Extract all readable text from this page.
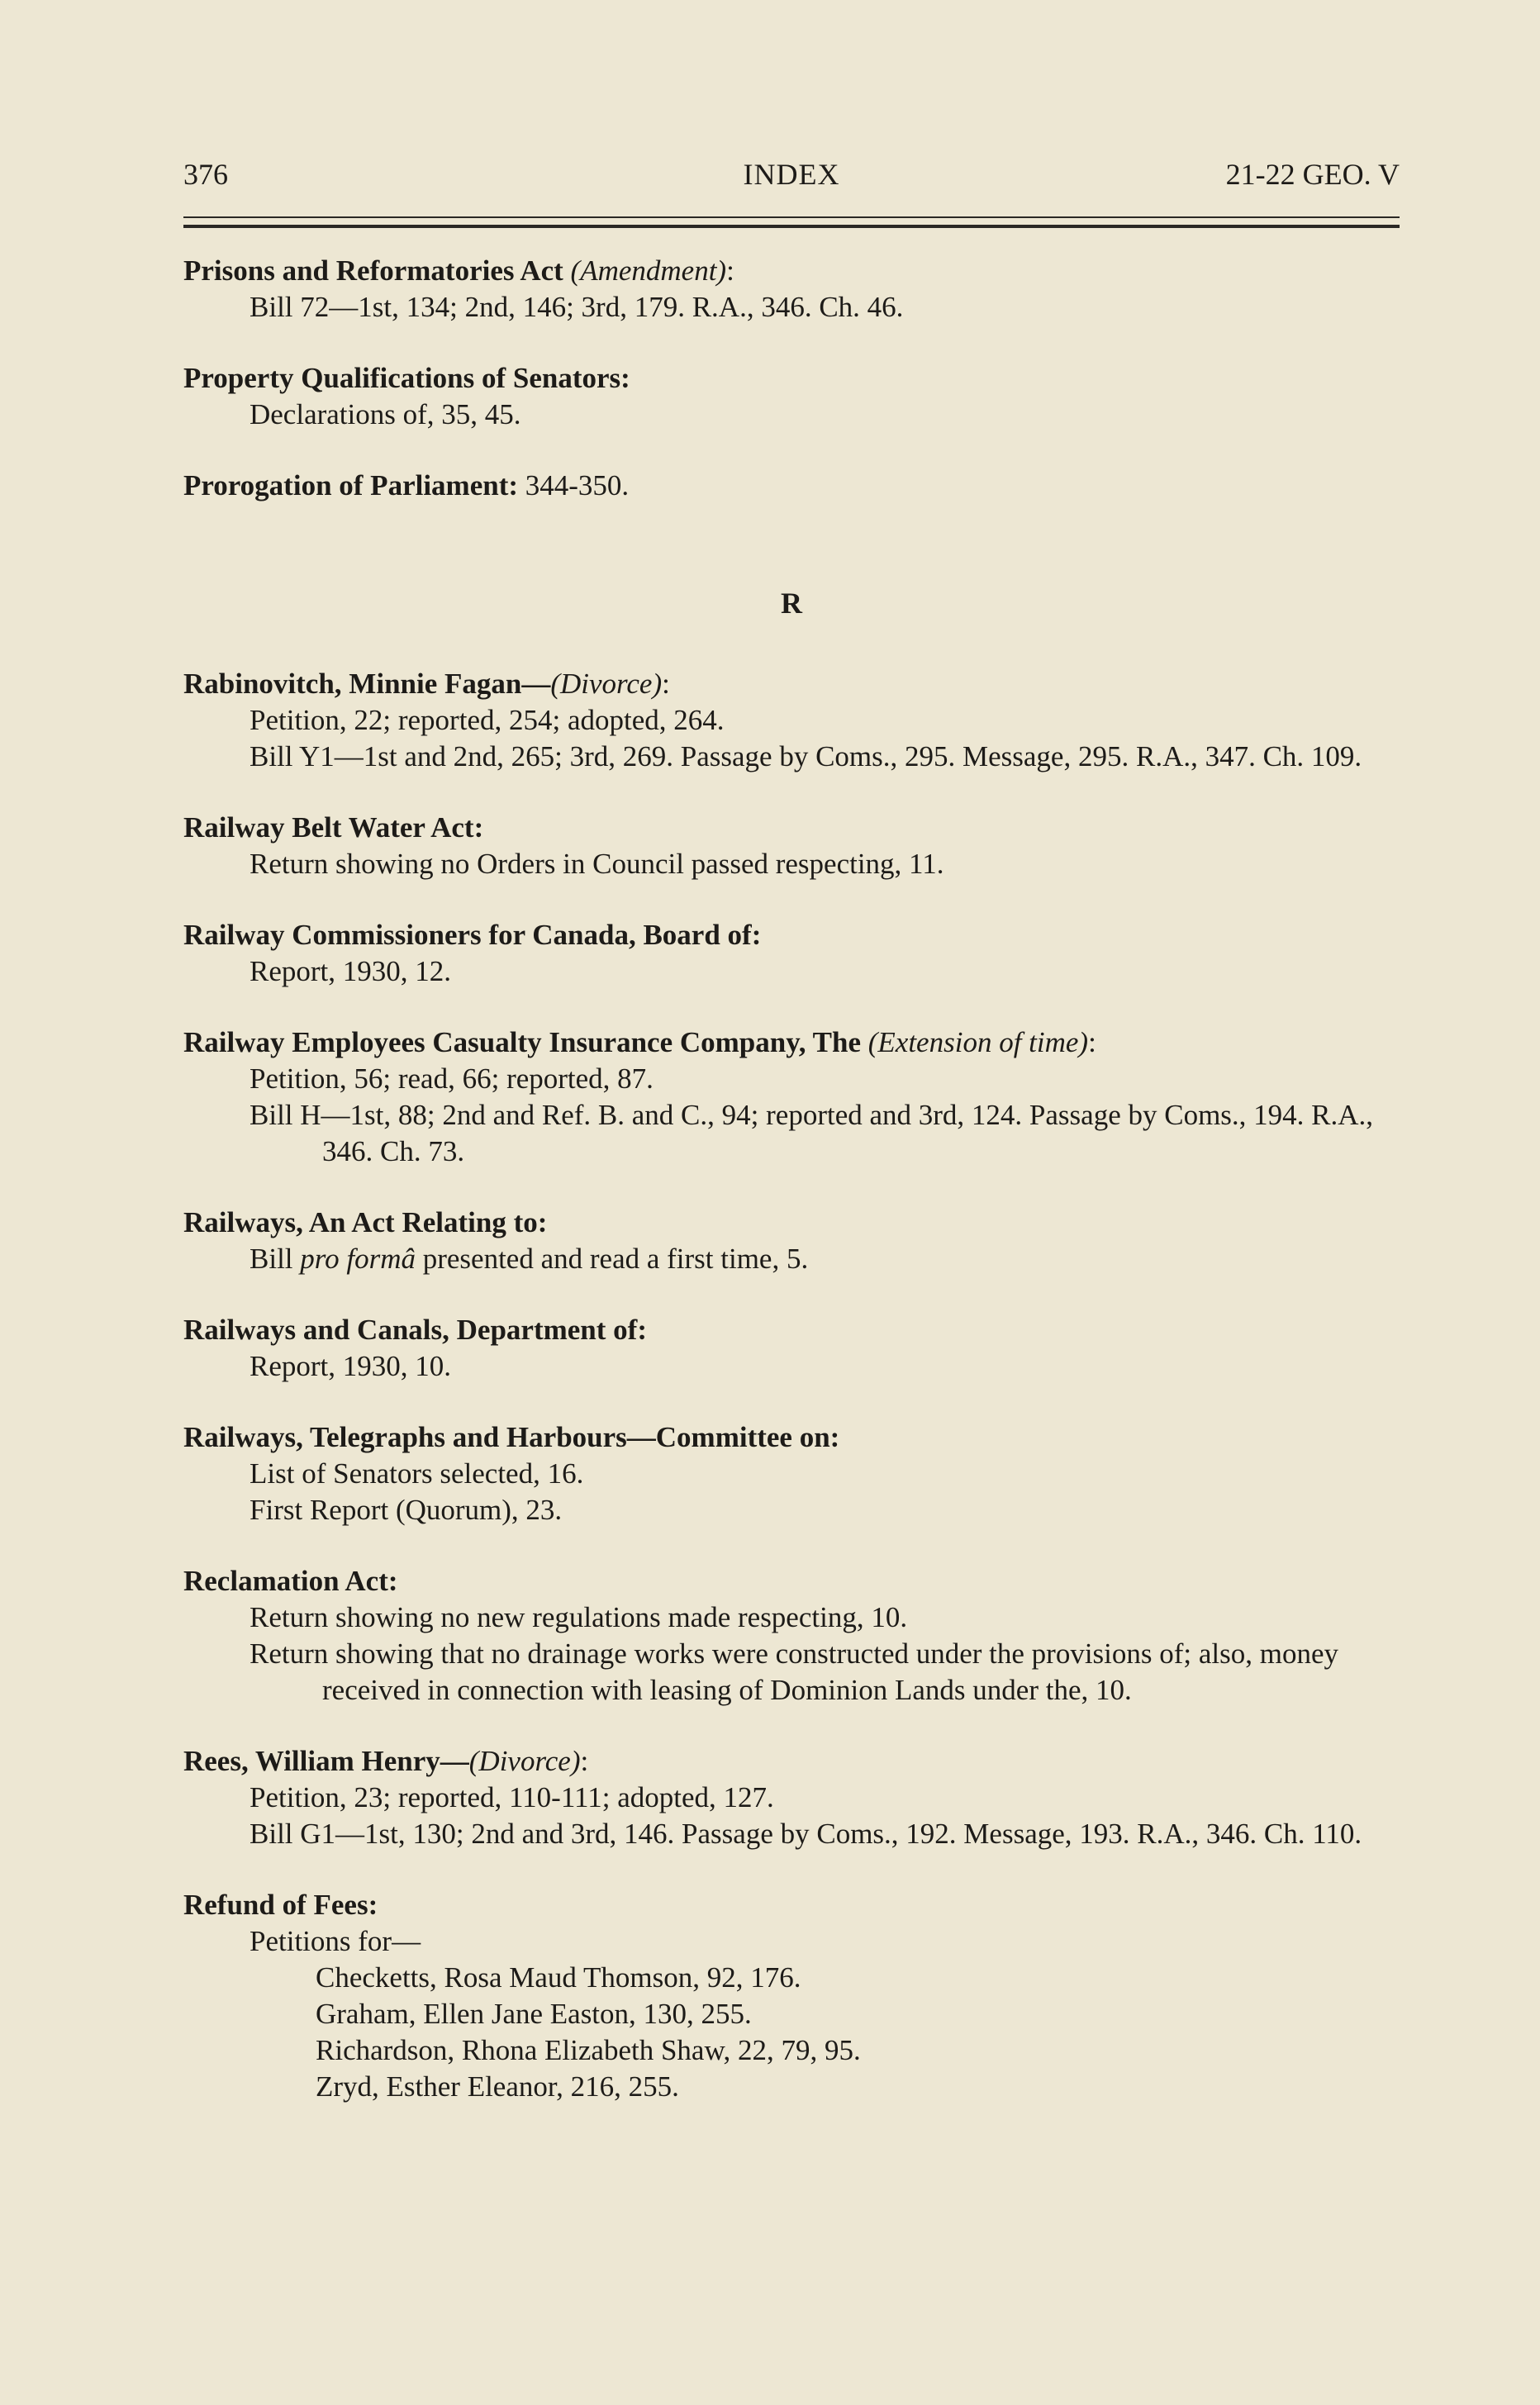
376	INDEX	21-22 GEO. V
Prisons and Reformatories Act (Amendment):
Bill 72—1st, 134; 2nd, 146; 3rd, 179. R.A., 346. Ch. 46.
Property Qualifications of Senators:
Declarations of, 35, 45.
Prorogation of Parliament: 344-350.
R
Rabinovitch, Minnie Fagan—(Divorce):
Petition, 22; reported, 254; adopted, 264.
Bill Y1—1st and 2nd, 265; 3rd, 269. Passage by Coms., 295. Message, 295. R.A., 347. Ch. 109.
Railway Belt Water Act:
Return showing no Orders in Council passed respecting, 11.
Railway Commissioners for Canada, Board of:
Report, 1930, 12.
Railway Employees Casualty Insurance Company, The (Extension of time):
Petition, 56; read, 66; reported, 87.
Bill H—1st, 88; 2nd and Ref. B. and C., 94; reported and 3rd, 124. Passage by Coms., 194. R.A., 346. Ch. 73.
Railways, An Act Relating to:
Bill pro formâ presented and read a first time, 5.
Railways and Canals, Department of:
Report, 1930, 10.
Railways, Telegraphs and Harbours—Committee on:
List of Senators selected, 16.
First Report (Quorum), 23.
Reclamation Act:
Return showing no new regulations made respecting, 10.
Return showing that no drainage works were constructed under the provisions of; also, money received in connection with leasing of Dominion Lands under the, 10.
Rees, William Henry—(Divorce):
Petition, 23; reported, 110-111; adopted, 127.
Bill G1—1st, 130; 2nd and 3rd, 146. Passage by Coms., 192. Message, 193. R.A., 346. Ch. 110.
Refund of Fees:
Petitions for—
Checketts, Rosa Maud Thomson, 92, 176.
Graham, Ellen Jane Easton, 130, 255.
Richardson, Rhona Elizabeth Shaw, 22, 79, 95.
Zryd, Esther Eleanor, 216, 255.
